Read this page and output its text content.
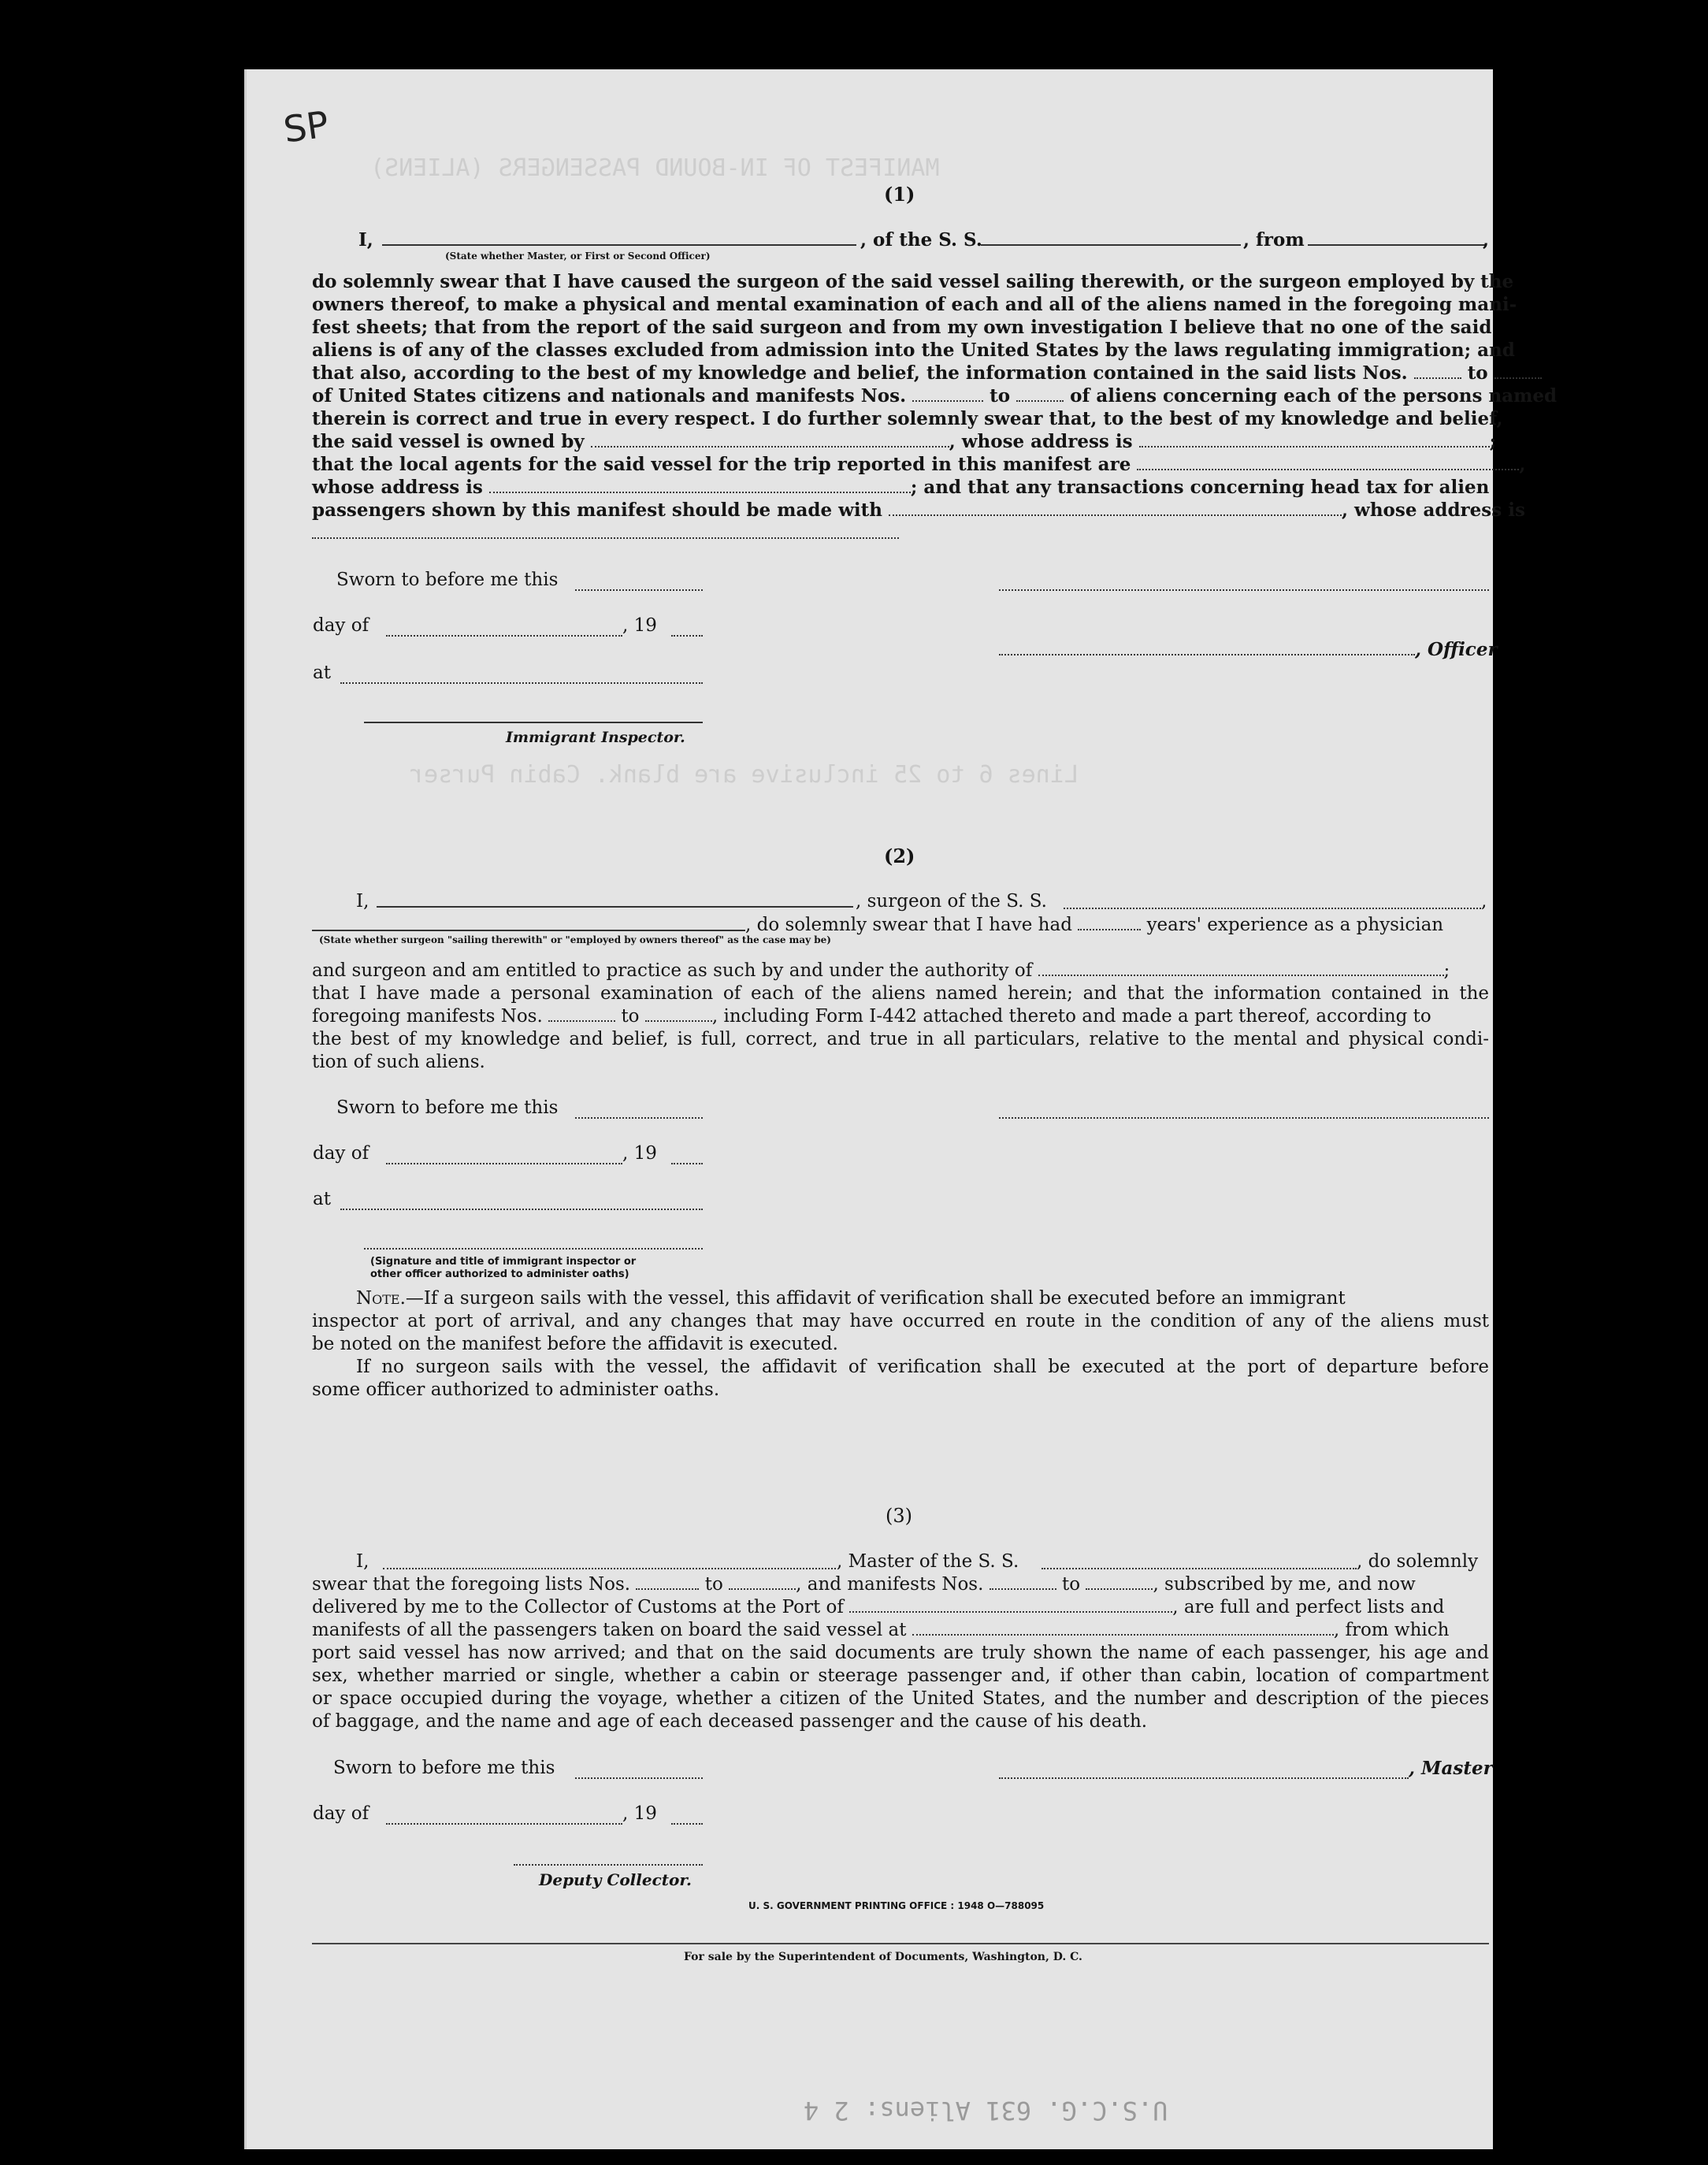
MANIFEST OF IN-BOUND PASSENGERS (ALIENS)
Lines 6 to 25 inclusive are blank. Cabin Purser
U.S.C.G. 631 Aliens: 2 4
SP
(1)
I,	, of the S. S.	, from	,
(State whether Master, or First or Second Officer)
do solemnly swear that I have caused the surgeon of the said vessel sailing therewith, or the surgeon employed by the
owners thereof, to make a physical and mental examination of each and all of the aliens named in the foregoing mani-
fest sheets; that from the report of the said surgeon and from my own investigation I believe that no one of the said
aliens is of any of the classes excluded from admission into the United States by the laws regulating immigration; and
that also, according to the best of my knowledge and belief, the information contained in the said lists Nos.	to
of United States citizens and nationals and manifests Nos.	to	of aliens concerning each of the persons named
therein is correct and true in every respect. I do further solemnly swear that, to the best of my knowledge and belief,
the said vessel is owned by	, whose address is	;
that the local agents for the said vessel for the trip reported in this manifest are	,
whose address is	; and that any transactions concerning head tax for alien
passengers shown by this manifest should be made with	, whose address is
Sworn to before me this
day of	, 19
at
Immigrant Inspector.
, Officer
(2)
I,	, surgeon of the S. S.	,
, do solemnly swear that I have had	years' experience as a physician
(State whether surgeon "sailing therewith" or "employed by owners thereof" as the case may be)
and surgeon and am entitled to practice as such by and under the authority of	;
that I have made a personal examination of each of the aliens named herein; and that the information contained in the
foregoing manifests Nos.	to	, including Form I-442 attached thereto and made a part thereof, according to
the best of my knowledge and belief, is full, correct, and true in all particulars, relative to the mental and physical condi-
tion of such aliens.
Sworn to before me this
day of	, 19
at
(Signature and title of immigrant inspector or
other officer authorized to administer oaths)
Note.—If a surgeon sails with the vessel, this affidavit of verification shall be executed before an immigrant
inspector at port of arrival, and any changes that may have occurred en route in the condition of any of the aliens must
be noted on the manifest before the affidavit is executed.
If no surgeon sails with the vessel, the affidavit of verification shall be executed at the port of departure before
some officer authorized to administer oaths.
(3)
I,	, Master of the S. S.	, do solemnly
swear that the foregoing lists Nos.	to	, and manifests Nos.	to	, subscribed by me, and now
delivered by me to the Collector of Customs at the Port of	, are full and perfect lists and
manifests of all the passengers taken on board the said vessel at	, from which
port said vessel has now arrived; and that on the said documents are truly shown the name of each passenger, his age and
sex, whether married or single, whether a cabin or steerage passenger and, if other than cabin, location of compartment
or space occupied during the voyage, whether a citizen of the United States, and the number and description of the pieces
of baggage, and the name and age of each deceased passenger and the cause of his death.
Sworn to before me this
day of	, 19
Deputy Collector.
, Master
U. S. GOVERNMENT PRINTING OFFICE : 1948 O—788095
For sale by the Superintendent of Documents, Washington, D. C.
